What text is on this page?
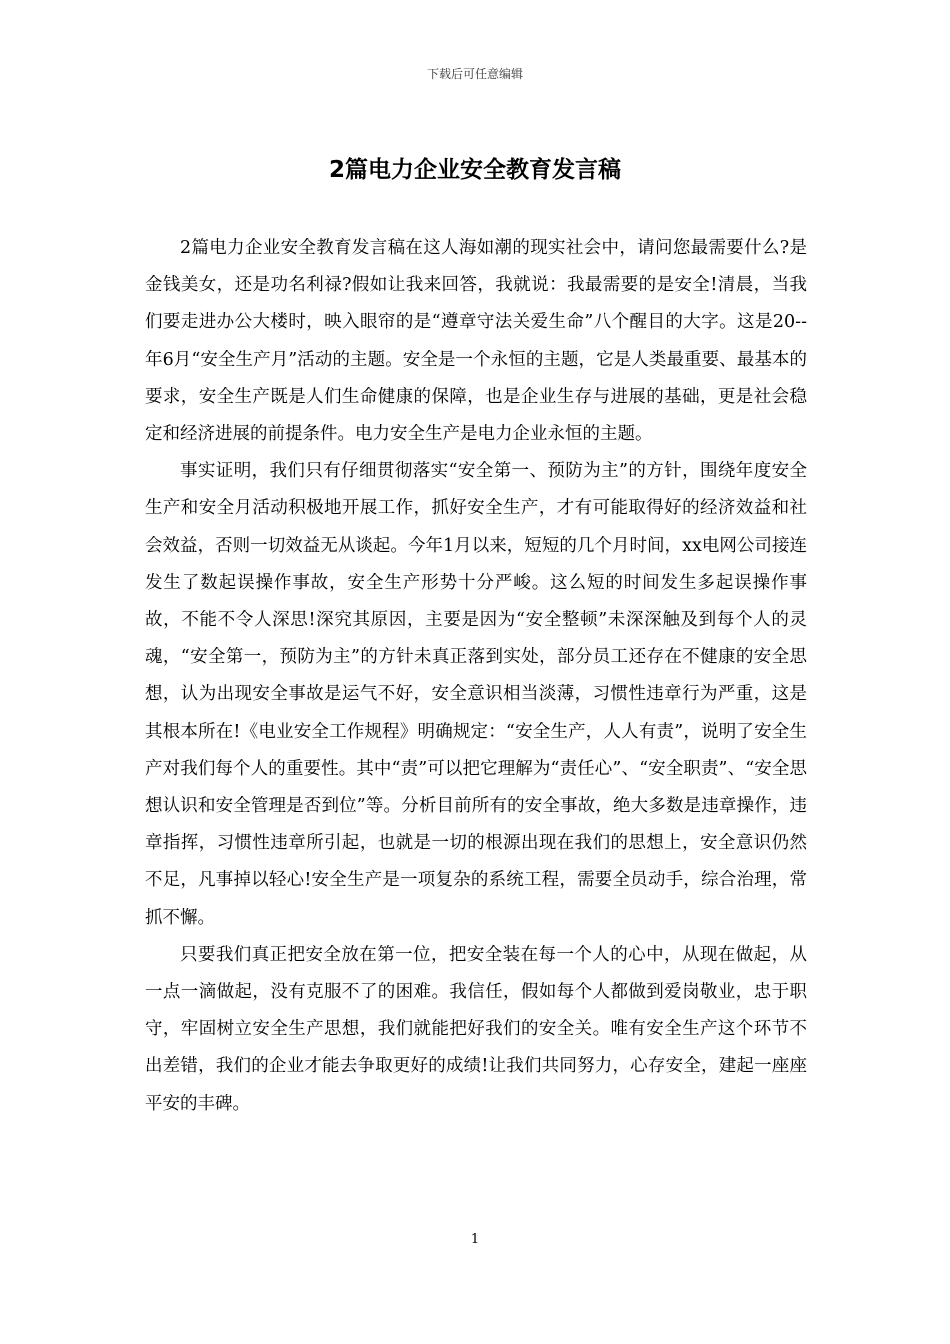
下载后可任意编辑
2篇电力企业安全教育发言稿

2篇电力企业安全教育发言稿在这人海如潮的现实社会中，请问您最需要什么?是金钱美女，还是功名利禄?假如让我来回答，我就说：我最需要的是安全!清晨，当我们要走进办公大楼时，映入眼帘的是“遵章守法关爱生命”八个醒目的大字。这是20--年6月“安全生产月”活动的主题。安全是一个永恒的主题，它是人类最重要、最基本的要求，安全生产既是人们生命健康的保障，也是企业生存与进展的基础，更是社会稳定和经济进展的前提条件。电力安全生产是电力企业永恒的主题。

事实证明，我们只有仔细贯彻落实“安全第一、预防为主”的方针，围绕年度安全生产和安全月活动积极地开展工作，抓好安全生产，才有可能取得好的经济效益和社会效益，否则一切效益无从谈起。今年1月以来，短短的几个月时间，xx电网公司接连发生了数起误操作事故，安全生产形势十分严峻。这么短的时间发生多起误操作事故，不能不令人深思!深究其原因，主要是因为“安全整顿”未深深触及到每个人的灵魂，“安全第一，预防为主”的方针未真正落到实处，部分员工还存在不健康的安全思想，认为出现安全事故是运气不好，安全意识相当淡薄，习惯性违章行为严重，这是其根本所在!《电业安全工作规程》明确规定：“安全生产，人人有责”，说明了安全生产对我们每个人的重要性。其中“责”可以把它理解为“责任心”、“安全职责”、“安全思想认识和安全管理是否到位”等。分析目前所有的安全事故，绝大多数是违章操作，违章指挥，习惯性违章所引起，也就是一切的根源出现在我们的思想上，安全意识仍然不足，凡事掉以轻心!安全生产是一项复杂的系统工程，需要全员动手，综合治理，常抓不懈。

只要我们真正把安全放在第一位，把安全装在每一个人的心中，从现在做起，从一点一滴做起，没有克服不了的困难。我信任，假如每个人都做到爱岗敬业，忠于职守，牢固树立安全生产思想，我们就能把好我们的安全关。唯有安全生产这个环节不出差错，我们的企业才能去争取更好的成绩!让我们共同努力，心存安全，建起一座座平安的丰碑。

1
